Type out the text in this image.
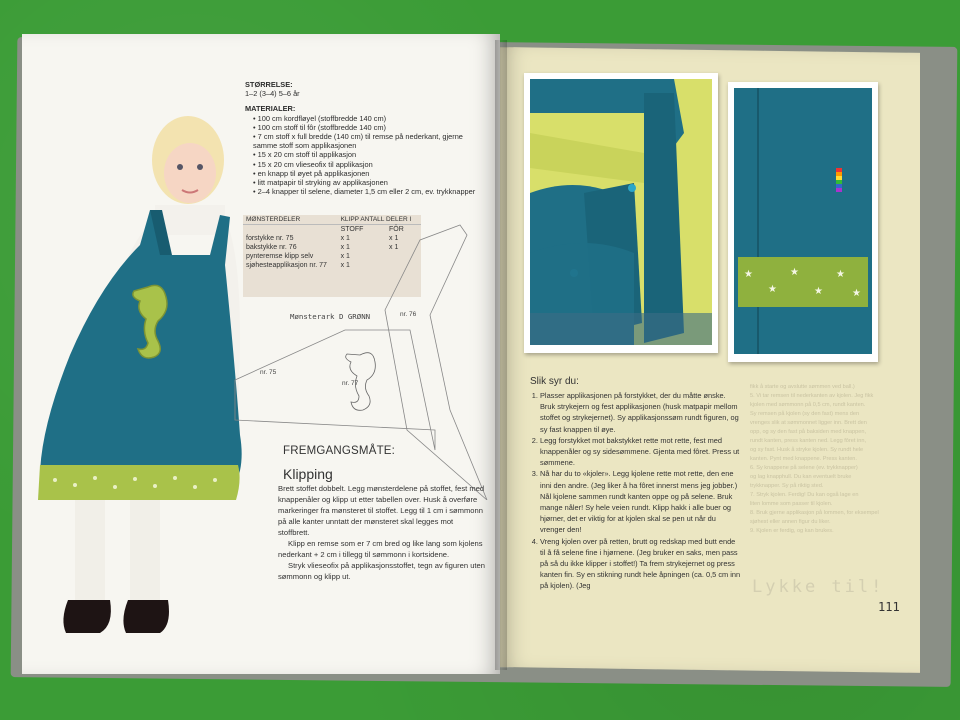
STØRRELSE:
1–2 (3–4) 5–6 år
MATERIALER:
• 100 cm kordfløyel (stoffbredde 140 cm)
• 100 cm stoff til fôr (stoffbredde 140 cm)
• 7 cm stoff x full bredde (140 cm) til remse på nederkant, gjerne samme stoff som applikasjonen
• 15 x 20 cm stoff til applikasjon
• 15 x 20 cm vlieseofix til applikasjon
• en knapp til øyet på applikasjonen
• litt matpapir til stryking av applikasjonen
• 2–4 knapper til selene, diameter 1,5 cm eller 2 cm, ev. trykknapper
MØNSTERDELER	KLIPP ANTALL DELER I	
	STOFF	FÔR
forstykke nr. 75	x 1	x 1
bakstykke nr. 76	x 1	x 1
pynteremse klipp selv	x 1	
sjøhesteapplikasjon nr. 77	x 1	
Mønsterark D GRØNN	nr. 76
nr. 75
nr. 77
FREMGANGSMÅTE:
Klipping
Brett stoffet dobbelt. Legg mønsterdelene på stoffet, fest med knappenåler og klipp ut etter tabellen over. Husk å overføre markeringer fra mønsteret til stoffet. Legg til 1 cm i sømmonn på alle kanter unntatt der mønsteret skal legges mot stoffbrett.
Klipp en remse som er 7 cm bred og like lang som kjolens nederkant + 2 cm i tillegg til sømmonn i kortsidene.
Stryk vlieseofix på applikasjonsstoffet, tegn av figuren uten sømmonn og klipp ut.
★
★
★
★
★
★
Slik syr du:
1. Plasser applikasjonen på forstykket, der du måtte ønske. Bruk strykejern og fest applikasjonen (husk matpapir mellom stoffet og strykejernet). Sy applikasjonssøm rundt figuren, og sy fast knappen til øye.
2. Legg forstykket mot bakstykket rette mot rette, fest med knappenåler og sy sidesømmene. Gjenta med fôret. Press ut sømmene.
3. Nå har du to «kjoler». Legg kjolene rette mot rette, den ene inni den andre. (Jeg liker å ha fôret innerst mens jeg jobber.) Nål kjolene sammen rundt kanten oppe og på selene. Bruk mange nåler! Sy hele veien rundt. Klipp hakk i alle buer og hjørner, det er viktig for at kjolen skal se pen ut når du vrenger den!
4. Vreng kjolen over på retten, brutt og redskap med butt ende til å få selene fine i hjørnene. (Jeg bruker en saks, men pass på så du ikke klipper i stoffet!) Ta frem strykejernet og press kanten fin. Sy en stikning rundt hele åpningen (ca. 0,5 cm inn på kjolen). (Jeg
fikk å starte og avslutte sømmen ved ball.)
5. Vi tar remsen til nederkanten av kjolen. Jeg fikk
kjolen med sømmonn på 0,5 cm, rundt kanten.
Sy remsen på kjolen (sy den fast) mens den
vrenges slik at sømmonnet ligger inn. Brett den
opp, og sy den fast på baksiden med knappen,
rundt kanten, press kanten ned. Legg fôret inn,
og sy fast. Husk å stryke kjolen. Sy rundt hele
kanten. Pynt med knappene. Press kanten.
6. Sy knappene på selene (ev. trykknapper)
og lag knapphull. Du kan eventuelt bruke
trykknapper. Sy på riktig sted.
7. Stryk kjolen. Ferdig! Du kan også lage en
liten lomme som passer til kjolen.
8. Bruk gjerne applikasjon på lommen, for eksempel
sjøhest eller annen figur du liker.
9. Kjolen er ferdig, og kan brukes.
Lykke til!
111
